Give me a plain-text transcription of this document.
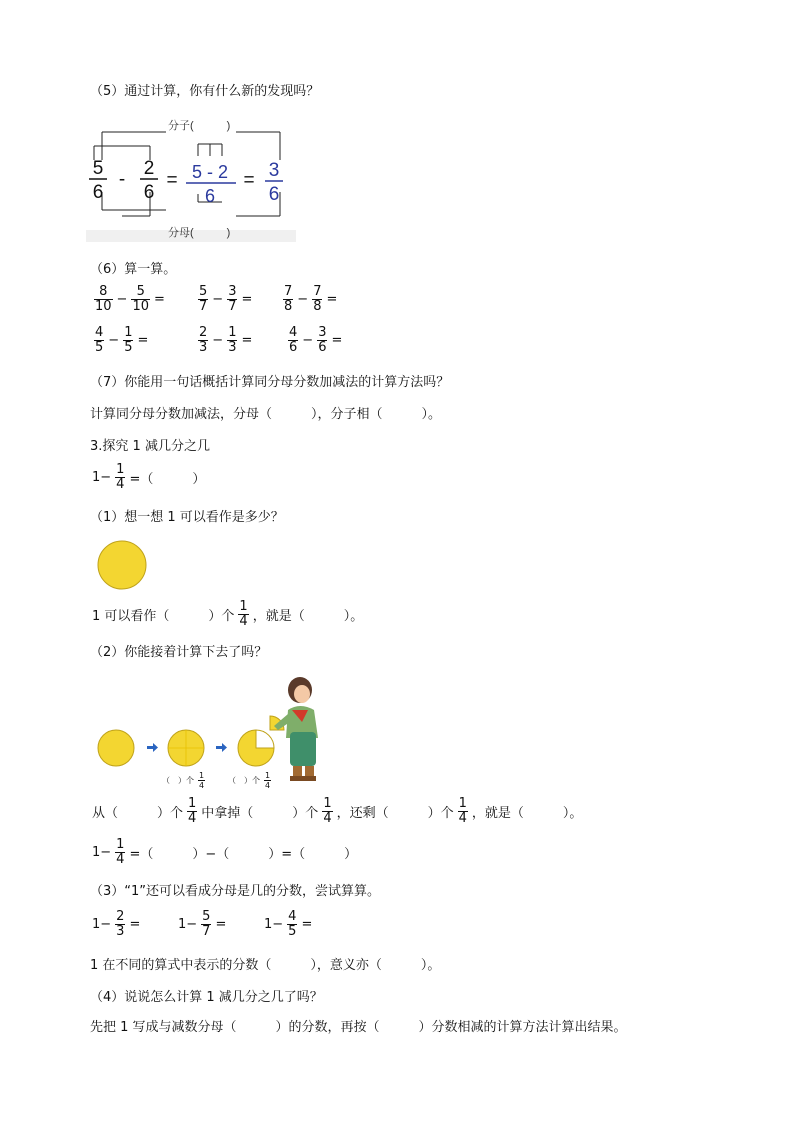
（5）通过计算，你有什么新的发现吗？
分子(　　　)
分母(　　　)
5
6
-
2
6
= 5 - 2
6
= 3
6
（6）算一算。
$\frac{8}{10} - \frac{5}{10}$ =	$\frac{5}{7} - \frac{3}{7} = \frac{7}{8} - \frac{7}{8}$ =
$\frac{4}{5} - \frac{1}{5}$ =	$\frac{2}{3} - \frac{1}{3}$ =	$\frac{4}{6} - \frac{3}{6}$ =
（7）你能用一句话概括计算同分母分数加减法的计算方法吗？
计算同分母分数加减法，分母（　　　），分子相（　　　）。
3.探究 1 减几分之几
$1- \frac{1}{4}$ =（　　　）
（1）想一想 1 可以看作是多少？
1 可以看作（　　　）个 $\frac{1}{4}$ ，就是（　　　）。
（2）你能接着计算下去了吗？
（　）个 $\frac{1}{4}$	（　）个 $\frac{1}{4}$
从（　　　）个 $\frac{1}{4}$ 中拿掉（　　　）个 $\frac{1}{4}$ ，还剩（　　　）个 $\frac{1}{4}$ ，就是（　　　）。
$1- \frac{1}{4}$ =（　　　）−（　　　）=（　　　）
（3）“1”还可以看成分母是几的分数，尝试算算。
$1- \frac{2}{3}$ =	$1- \frac{5}{7}$ =	$1- \frac{4}{5}$ =
1 在不同的算式中表示的分数（　　　），意义亦（　　　）。
（4）说说怎么计算 1 减几分之几了吗？
先把 1 写成与减数分母（　　　）的分数，再按（　　　）分数相减的计算方法计算出结果。
